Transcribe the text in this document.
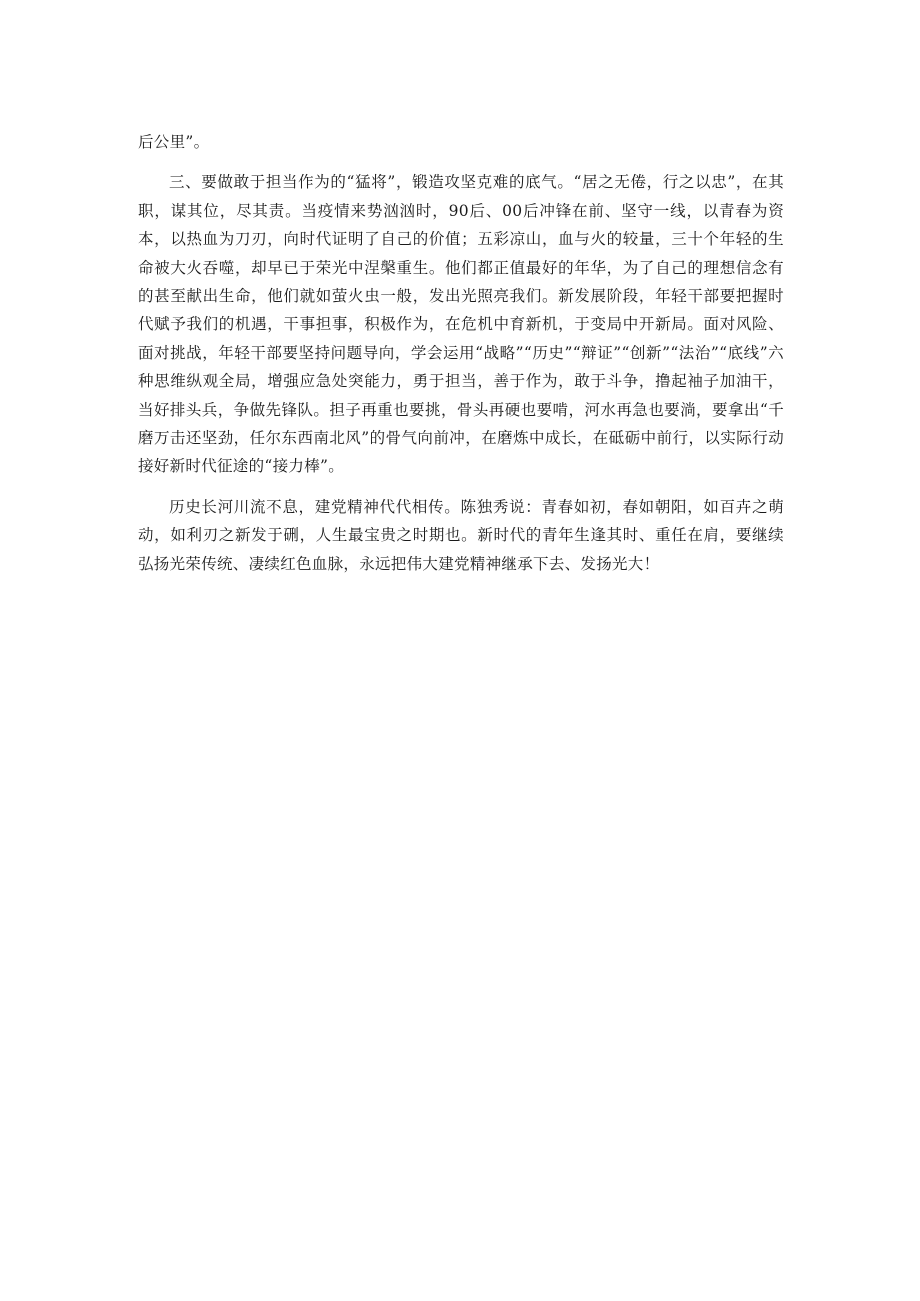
后公里”。

三、要做敢于担当作为的“猛将”，锻造攻坚克难的底气。“居之无倦，行之以忠”，在其职，谋其位，尽其责。当疫情来势汹汹时，90后、00后冲锋在前、坚守一线，以青春为资本，以热血为刀刃，向时代证明了自己的价值；五彩凉山，血与火的较量，三十个年轻的生命被大火吞噬，却早已于荣光中涅槃重生。他们都正值最好的年华，为了自己的理想信念有的甚至献出生命，他们就如萤火虫一般，发出光照亮我们。新发展阶段，年轻干部要把握时代赋予我们的机遇，干事担事，积极作为，在危机中育新机，于变局中开新局。面对风险、面对挑战，年轻干部要坚持问题导向，学会运用“战略”“历史”“辩证”“创新”“法治”“底线”六种思维纵观全局，增强应急处突能力，勇于担当，善于作为，敢于斗争，撸起袖子加油干，当好排头兵，争做先锋队。担子再重也要挑，骨头再硬也要啃，河水再急也要淌，要拿出“千磨万击还坚劲，任尔东西南北风”的骨气向前冲，在磨炼中成长，在砥砺中前行，以实际行动接好新时代征途的“接力棒”。

历史长河川流不息，建党精神代代相传。陈独秀说：青春如初，春如朝阳，如百卉之萌动，如利刃之新发于硎，人生最宝贵之时期也。新时代的青年生逢其时、重任在肩，要继续弘扬光荣传统、凄续红色血脉，永远把伟大建党精神继承下去、发扬光大！
